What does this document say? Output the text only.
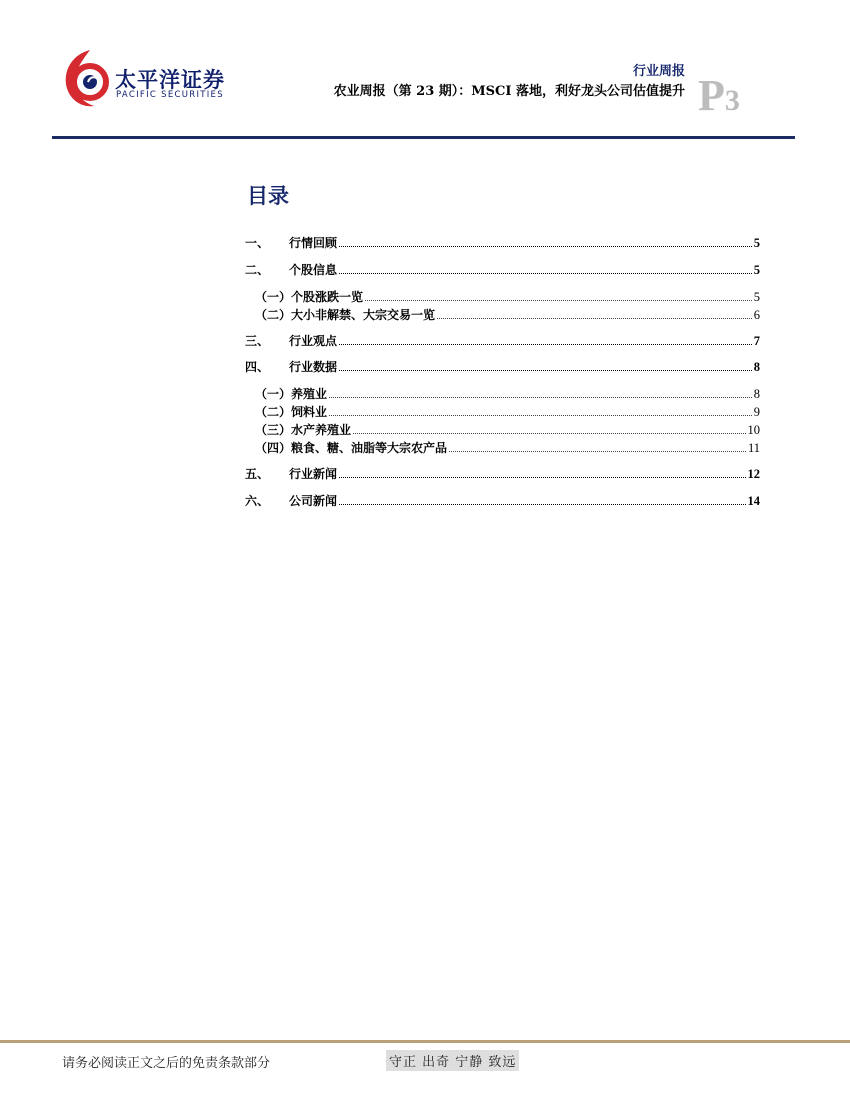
太平洋证券
PACIFIC SECURITIES
行业周报
农业周报（第 23 期）：MSCI 落地，利好龙头公司估值提升 P3
目录
一、 行情回顾	5
二、 个股信息	5
（一）个股涨跌一览	5
（二）大小非解禁、大宗交易一览	6
三、 行业观点	7
四、 行业数据	8
（一）养殖业	8
（二）饲料业	9
（三）水产养殖业	10
（四）粮食、糖、油脂等大宗农产品	11
五、 行业新闻	12
六、 公司新闻	14
请务必阅读正文之后的免责条款部分	守正 出奇 宁静 致远
